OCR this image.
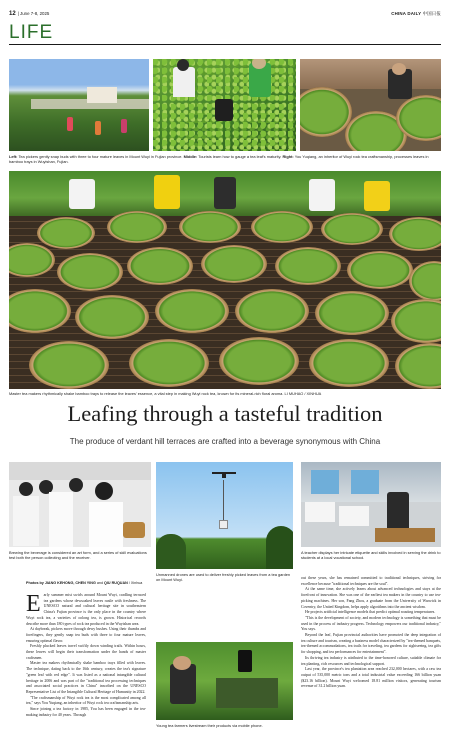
12 | June 7-8, 2025	CHINA DAILY 中国日报
LIFE
Left: Tea pickers gently snap buds with three to four mature leaves in Mount Wuyi in Fujian province. Middle: Tourists learn how to gauge a tea leaf's maturity. Right: You Yuqiang, an inheritor of Wuyi rock tea craftsmanship, processes leaves in bamboo trays in Wuyishan, Fujian.
Master tea makers rhythmically shake bamboo trays to release the leaves' essence, a vital step in making Wuyi rock tea, known for its mineral-rich floral aroma. LI MUHAO / XINHUA
Leafing through a tasteful tradition
The produce of verdant hill terraces are crafted into a beverage synonymous with China
Brewing the beverage is considered an art form, and a series of skill evaluations test both the person collecting and the receiver.
A teacher displays her intricate etiquette and skills involved in serving the drink to students at a local vocational school.
Unmanned drones are used to deliver freshly picked leaves from a tea garden on Mount Wuyi.
Young tea farmers livestream their products via mobile phone.
Photos by JIANG KEHONG, CHEN YING and QIU RUQUAN / Xinhua
E arly summer mist swirls around Mount Wuyi, cradling terraced tea gardens whose dewsoaked leaves rustle with freshness. The UNESCO natural and cultural heritage site in southeastern China's Fujian province is the only place in the country where Wuyi rock tea, a varieties of oolong tea, is grown. Historical records describe more than 180 types of rock tea produced in the Wuyishan area.

At daybreak, pickers move through dewy bushes. Using their thumbs and forefingers, they gently snap tea buds with three to four mature leaves, ensuring optimal flavor.

Freshly plucked leaves travel swiftly down winding trails. Within hours, these leaves will begin their transformation under the hands of master craftsmen.

Master tea makers rhythmically shake bamboo trays filled with leaves. The technique, dating back to the 16th century, creates the tea's signature "green leaf with red edge". It was listed as a national intangible cultural heritage in 2006 and was part of the "traditional tea processing techniques and associated social practices in China" inscribed on the UNESCO Representative List of the Intangible Cultural Heritage of Humanity in 2022.

"The craftsmanship of Wuyi rock tea is the most complicated among all tea," says You Yuqiang, an inheritor of Wuyi rock tea craftsmanship arts.

Since joining a tea factory in 1985, You has been engaged in the tea-making industry for 40 years. Through

out these years, she has remained committed to traditional techniques, striving for excellence because "traditional techniques are the soul".

At the same time, she actively learns about advanced technologies and stays at the forefront of innovation. She was one of the earliest tea makers in the country to use tea-picking machines. Her son, Fang Zhou, a graduate from the University of Warwick in Coventry, the United Kingdom, helps apply algorithms into the ancient wisdom.

He projects artificial intelligence models that predict optimal roasting temperatures.

"This is the development of society, and modern technology is something that must be used in the process of industry progress. Technology empowers our traditional industry," You says.

Beyond the leaf, Fujian provincial authorities have promoted the deep integration of tea culture and tourism, creating a business model characterized by "tea-themed banquets, tea-themed accommodations, tea trails for traveling, tea gardens for sightseeing, tea gifts for shopping, and tea performances for entertainment".

Its thriving tea industry is attributed to the time-honored culture, suitable climate for tea planting, rich resources and technological support.

Last year, the province's tea plantation area reached 232,000 hectares, with a raw tea output of 535,000 metric tons and a total industrial value exceeding 166 billion yuan ($23.16 billion). Mount Wuyi welcomed 18.81 million visitors, generating tourism revenue of 31.2 billion yuan.
